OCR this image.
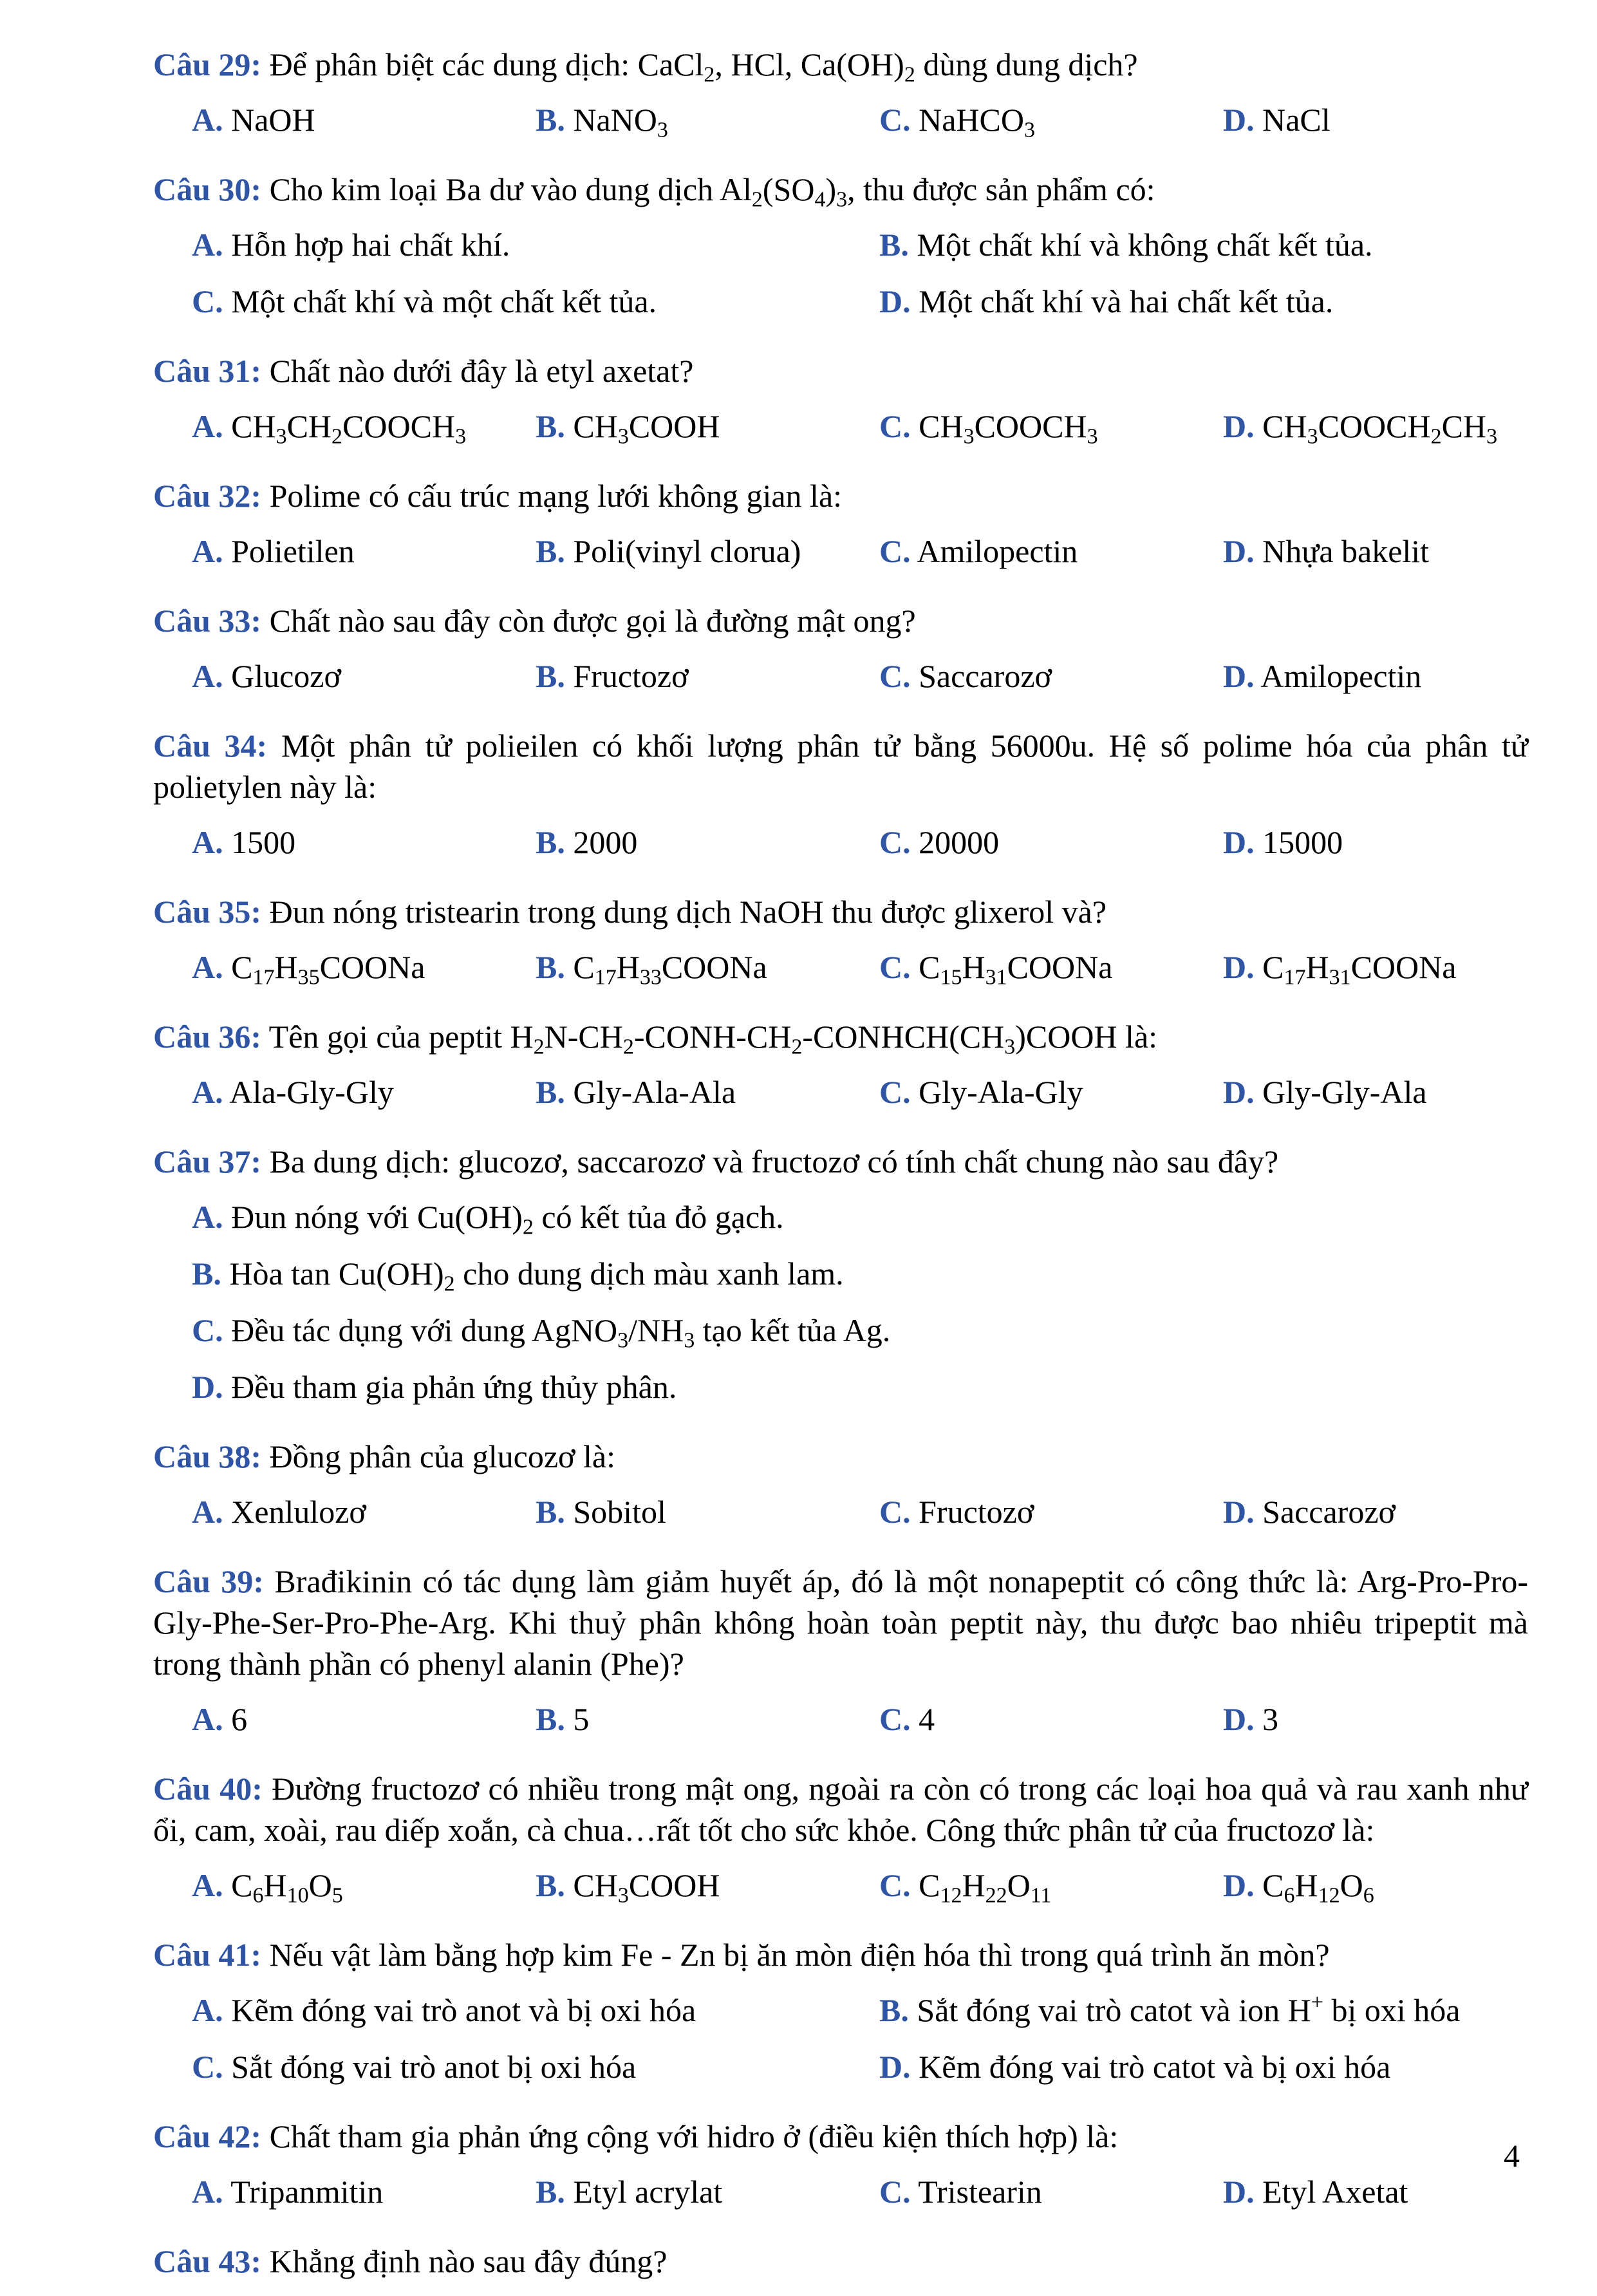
Câu 29: Để phân biệt các dung dịch: CaCl$_2$, HCl, $Ca(OH)_2$ dùng dung dịch?
A. NaOH	B. NaNO$_3$	C. NaHCO$_3$	D. NaCl
Câu 30: Cho kim loại Ba dư vào dung dịch $Al_2(SO_4)_3$, thu được sản phẩm có:
A. Hỗn hợp hai chất khí.	B. Một chất khí và không chất kết tủa.
C. Một chất khí và một chất kết tủa.	D. Một chất khí và hai chất kết tủa.
Câu 31: Chất nào dưới đây là etyl axetat?
A. $CH_3CH_2COOCH_3$	B. $CH_3COOH$	C. $CH_3COOCH_3$	D. $CH_3COOCH_2CH_3$
Câu 32: Polime có cấu trúc mạng lưới không gian là:
A. Polietilen	B. Poli(vinyl clorua)	C. Amilopectin	D. Nhựa bakelit
Câu 33: Chất nào sau đây còn được gọi là đường mật ong?
A. Glucozơ	B. Fructozơ	C. Saccarozơ	D. Amilopectin
Câu 34: Một phân tử polieilen có khối lượng phân tử bằng 56000u. Hệ số polime hóa của phân tử polietylen này là:
A. 1500	B. 2000	C. 20000	D. 15000
Câu 35: Đun nóng tristearin trong dung dịch NaOH thu được glixerol và?
A. $C_{17}H_{35}COONa$	B. $C_{17}H_{33}COONa$	C. $C_{15}H_{31}COONa$	D. $C_{17}H_{31}COONa$
Câu 36: Tên gọi của peptit $H_2N-CH_2-CONH-CH_2-CONHCH(CH_3)COOH$ là:
A. Ala-Gly-Gly	B. Gly-Ala-Ala	C. Gly-Ala-Gly	D. Gly-Gly-Ala
Câu 37: Ba dung dịch: glucozơ, saccarozơ và fructozơ có tính chất chung nào sau đây?
A. Đun nóng với $Cu(OH)_2$ có kết tủa đỏ gạch.
B. Hòa $\tan Cu(OH)_2$ cho dung dịch màu xanh lam.
C. Đều tác dụng với dung $AgNO_3/NH_3$ tạo kết tủa Ag.
D. Đều tham gia phản ứng thủy phân.
Câu 38: Đồng phân của glucozơ là:
A. Xenlulozơ	B. Sobitol	C. Fructozơ	D. Saccarozơ
Câu 39: Brađikinin có tác dụng làm giảm huyết áp, đó là một nonapeptit có công thức là: Arg-Pro-Pro-Gly-Phe-Ser-Pro-Phe-Arg. Khi thuỷ phân không hoàn toàn peptit này, thu được bao nhiêu tripeptit mà trong thành phần có phenyl alanin (Phe)?
A. 6	B. 5	C. 4	D. 3
Câu 40: Đường fructozơ có nhiều trong mật ong, ngoài ra còn có trong các loại hoa quả và rau xanh như ổi, cam, xoài, rau diếp xoắn, cà chua…rất tốt cho sức khỏe. Công thức phân tử của fructozơ là:
A. $C_6H_{10}O_5$	B. $CH_3COOH$	C. $C_{12}H_{22}O_{11}$	D. $C_6H_{12}O_6$
Câu 41: Nếu vật làm bằng hợp kim Fe - Zn bị ăn mòn điện hóa thì trong quá trình ăn mòn?
A. Kẽm đóng vai trò anot và bị oxi hóa	B. Sắt đóng vai trò catot và ion H+ bị oxi hóa
C. Sắt đóng vai trò anot bị oxi hóa	D. Kẽm đóng vai trò catot và bị oxi hóa
Câu 42: Chất tham gia phản ứng cộng với hidro ở (điều kiện thích hợp) là:
A. Tripanmitin	B. Etyl acrylat	C. Tristearin	D. Etyl Axetat
Câu 43: Khẳng định nào sau đây đúng?
4
